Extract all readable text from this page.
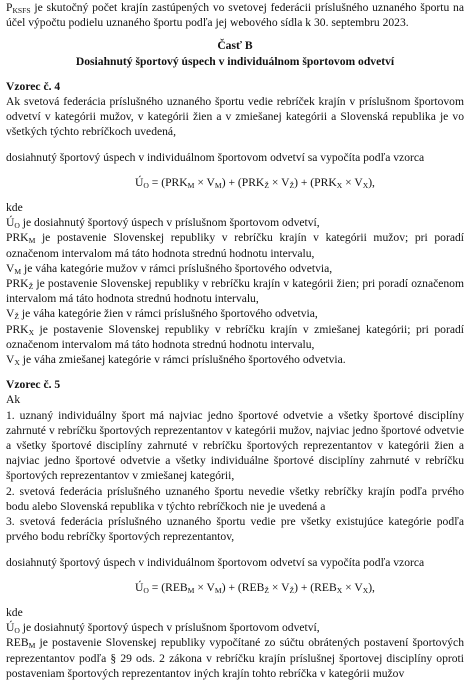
$P_{KSFS}$ je skutočný počet krajín zastúpených vo svetovej federácii príslušného uznaného športu na účel výpočtu podielu uznaného športu podľa jej webového sídla k 30. septembru 2023.

Časť B

Dosiahnutý športový úspech v individuálnom športovom odvetví

Vzorec č. 4

Ak svetová federácia príslušného uznaného športu vedie rebríček krajín v príslušnom športovom odvetví v kategórii mužov, v kategórii žien a v zmiešanej kategórii a Slovenská republika je vo všetkých týchto rebríčkoch uvedená,

dosiahnutý športový úspech v individuálnom športovom odvetví sa vypočíta podľa vzorca

$Ú_O = (PRK_M \times V_M) + (PRK_Ž \times V_Ž) + (PRK_X \times V_X)$,

kde

$Ú_O$ je dosiahnutý športový úspech v príslušnom športovom odvetví,

$PRK_M$ je postavenie Slovenskej republiky v rebríčku krajín v kategórii mužov; pri poradí označenom intervalom má táto hodnota strednú hodnotu intervalu,

$V_M$ je váha kategórie mužov v rámci príslušného športového odvetvia,

$PRK_Ž$ je postavenie Slovenskej republiky v rebríčku krajín v kategórii žien; pri poradí označenom intervalom má táto hodnota strednú hodnotu intervalu,

$V_Ž$ je váha kategórie žien v rámci príslušného športového odvetvia,

$PRK_X$ je postavenie Slovenskej republiky v rebríčku krajín v zmiešanej kategórii; pri poradí označenom intervalom má táto hodnota strednú hodnotu intervalu,

$V_X$ je váha zmiešanej kategórie v rámci príslušného športového odvetvia.

Vzorec č. 5

Ak

1. uznaný individuálny šport má najviac jedno športové odvetvie a všetky športové disciplíny zahrnuté v rebríčku športových reprezentantov v kategórii mužov, najviac jedno športové odvetvie a všetky športové disciplíny zahrnuté v rebríčku športových reprezentantov v kategórii žien a najviac jedno športové odvetvie a všetky individuálne športové disciplíny zahrnuté v rebríčku športových reprezentantov v zmiešanej kategórii,

2. svetová federácia príslušného uznaného športu nevedie všetky rebríčky krajín podľa prvého bodu alebo Slovenská republika v týchto rebríčkoch nie je uvedená a

3. svetová federácia príslušného uznaného športu vedie pre všetky existujúce kategórie podľa prvého bodu rebríčky športových reprezentantov,

dosiahnutý športový úspech v individuálnom športovom odvetví sa vypočíta podľa vzorca

$Ú_O = (REB_M \times V_M) + (REB_Ž \times V_Ž) + (REB_X \times V_X)$,

kde

$Ú_O$ je dosiahnutý športový úspech v príslušnom športovom odvetví,

$REB_M$ je postavenie Slovenskej republiky vypočítané zo súčtu obrátených postavení športových reprezentantov podľa § 29 ods. 2 zákona v rebríčku krajín príslušnej športovej disciplíny oproti postaveniam športových reprezentantov iných krajín tohto rebríčka v kategórii mužov
